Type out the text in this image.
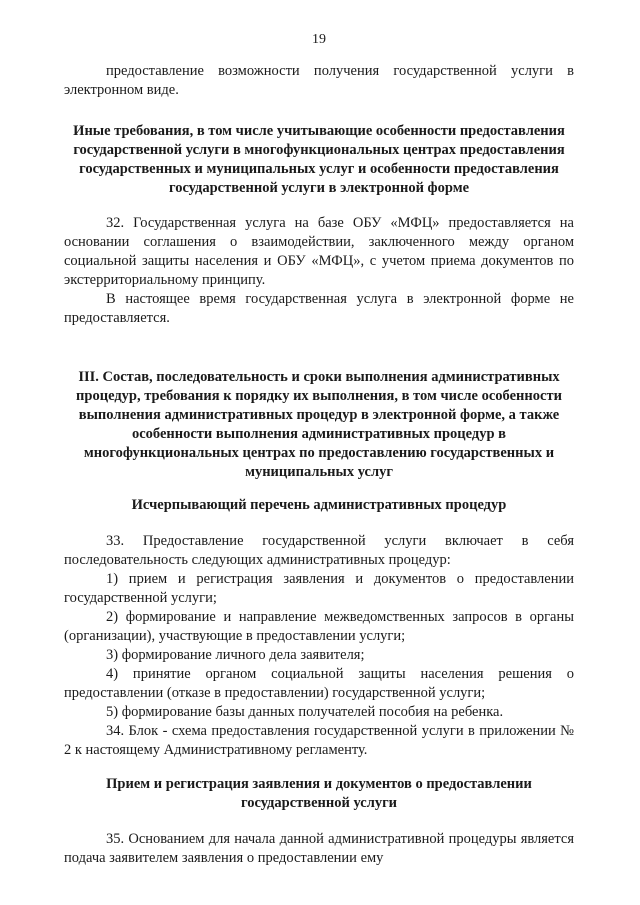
19

предоставление возможности получения государственной услуги в электронном виде.

Иные требования, в том числе учитывающие особенности предоставления государственной услуги в многофункциональных центрах предоставления государственных и муниципальных услуг и особенности предоставления государственной услуги в электронной форме

32. Государственная услуга на базе ОБУ «МФЦ» предоставляется на основании соглашения о взаимодействии, заключенного между органом социальной защиты населения и ОБУ «МФЦ», с учетом приема документов по экстерриториальному принципу.

В настоящее время государственная услуга в электронной форме не предоставляется.

III. Состав, последовательность и сроки выполнения административных процедур, требования к порядку их выполнения, в том числе особенности выполнения административных процедур в электронной форме, а также особенности выполнения административных процедур в многофункциональных центрах по предоставлению государственных и муниципальных услуг
Исчерпывающий перечень административных процедур

33. Предоставление государственной услуги включает в себя последовательность следующих административных процедур:

1) прием и регистрация заявления и документов о предоставлении государственной услуги;

2) формирование и направление межведомственных запросов в органы (организации), участвующие в предоставлении услуги;

3) формирование личного дела заявителя;

4) принятие органом социальной защиты населения решения о предоставлении (отказе в предоставлении) государственной услуги;

5) формирование базы данных получателей пособия на ребенка.

34. Блок - схема предоставления государственной услуги в приложении № 2 к настоящему Административному регламенту.

Прием и регистрация заявления и документов о предоставлении государственной услуги

35. Основанием для начала данной административной процедуры является подача заявителем заявления о предоставлении ему
